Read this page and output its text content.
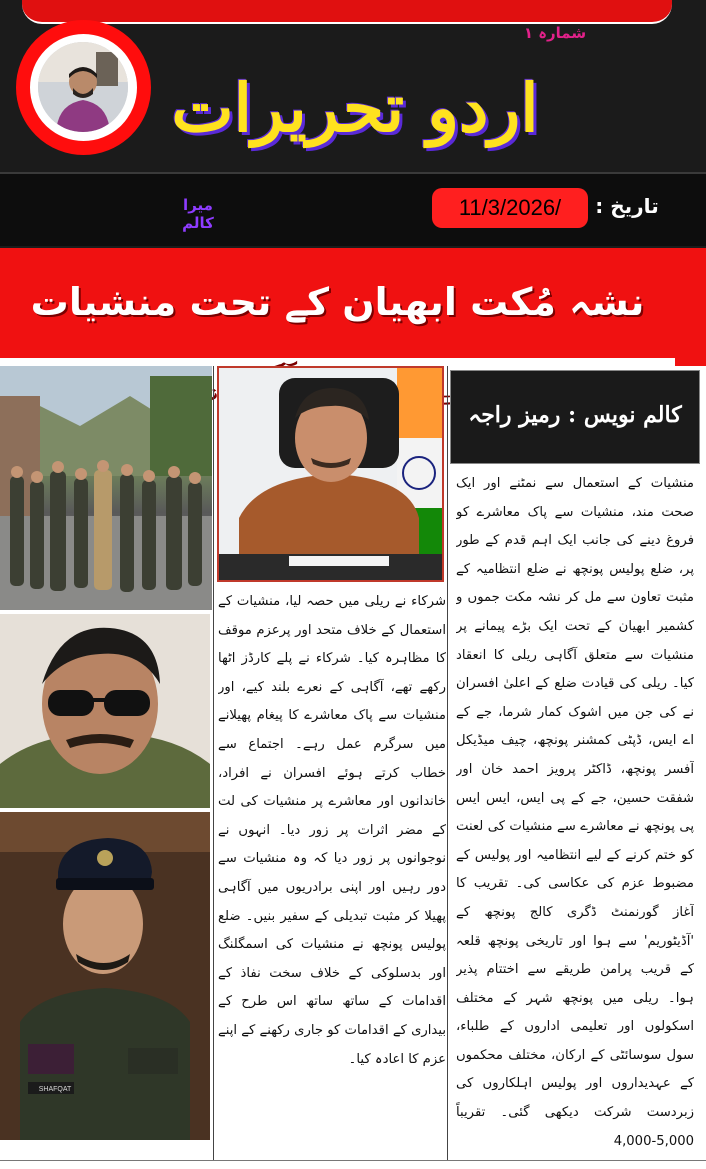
شمارہ ۱
اردو تحریرات
میرا کالم
11/3/2026/	تاریخ :
نشہ مُکت ابھیان کے تحت منشیات
SHAFQAT
کالم نویس : رمیز راجہ
منشیات کے استعمال سے نمٹنے اور ایک صحت مند، منشیات سے پاک معاشرے کو فروغ دینے کی جانب ایک اہم قدم کے طور پر، ضلع پولیس پونچھ نے ضلع انتظامیہ کے مثبت تعاون سے مل کر نشہ مکت جموں و کشمیر ابھیان کے تحت ایک بڑے پیمانے پر منشیات سے متعلق آگاہی ریلی کا انعقاد کیا۔ ریلی کی قیادت ضلع کے اعلیٰ افسران نے کی جن میں اشوک کمار شرما، جے کے اے ایس، ڈپٹی کمشنر پونچھ، چیف میڈیکل آفسر پونچھ، ڈاکٹر پرویز احمد خان اور شفقت حسین، جے کے پی ایس، ایس ایس پی پونچھ نے معاشرے سے منشیات کی لعنت کو ختم کرنے کے لیے انتظامیہ اور پولیس کے مضبوط عزم کی عکاسی کی۔ تقریب کا آغاز گورنمنٹ ڈگری کالج پونچھ کے 'آڈیٹوریم' سے ہوا اور تاریخی پونچھ قلعہ کے قریب پرامن طریقے سے اختتام پذیر ہوا۔ ریلی میں پونچھ شہر کے مختلف اسکولوں اور تعلیمی اداروں کے طلباء، سول سوسائٹی کے ارکان، مختلف محکموں کے عہدیداروں اور پولیس اہلکاروں کی زبردست شرکت دیکھی گئی۔ تقریباً 5,000-4,000
شرکاء نے ریلی میں حصہ لیا، منشیات کے استعمال کے خلاف متحد اور پرعزم موقف کا مظاہرہ کیا۔ شرکاء نے پلے کارڈز اٹھا رکھے تھے، آگاہی کے نعرے بلند کیے، اور منشیات سے پاک معاشرے کا پیغام پھیلانے میں سرگرم عمل رہے۔ اجتماع سے خطاب کرتے ہوئے افسران نے افراد، خاندانوں اور معاشرے پر منشیات کی لت کے مضر اثرات پر زور دیا۔ انہوں نے نوجوانوں پر زور دیا کہ وہ منشیات سے دور رہیں اور اپنی برادریوں میں آگاہی پھیلا کر مثبت تبدیلی کے سفیر بنیں۔ ضلع پولیس پونچھ نے منشیات کی اسمگلنگ اور بدسلوکی کے خلاف سخت نفاذ کے اقدامات کے ساتھ ساتھ اس طرح کے بیداری کے اقدامات کو جاری رکھنے کے اپنے عزم کا اعادہ کیا۔
